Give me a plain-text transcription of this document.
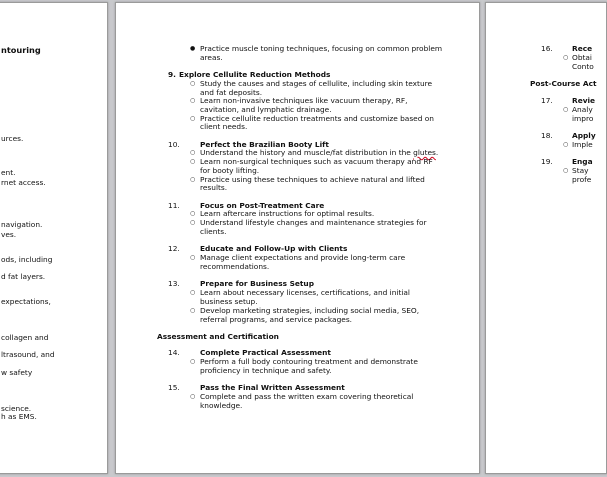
ntouring
urces.
ent.
rnet access.
navigation.
ves.
ods, including
d fat layers.
expectations,
collagen and
ltrasound, and
w safety
science.
h as EMS.
● Practice muscle toning techniques, focusing on common problem
areas.
9. Explore Cellulite Reduction Methods
○ Study the causes and stages of cellulite, including skin texture
and fat deposits.
○ Learn non-invasive techniques like vacuum therapy, RF,
cavitation, and lymphatic drainage.
○ Practice cellulite reduction treatments and customize based on
client needs.
10.	Perfect the Brazilian Booty Lift
○ Understand the history and muscle/fat distribution in the glutes.
○ Learn non-surgical techniques such as vacuum therapy and RF
for booty lifting.
○ Practice using these techniques to achieve natural and lifted
results.
11.	Focus on Post-Treatment Care
○ Learn aftercare instructions for optimal results.
○ Understand lifestyle changes and maintenance strategies for
clients.
12.	Educate and Follow-Up with Clients
○ Manage client expectations and provide long-term care
recommendations.
13.	Prepare for Business Setup
○ Learn about necessary licenses, certifications, and initial
business setup.
○ Develop marketing strategies, including social media, SEO,
referral programs, and service packages.
Assessment and Certification
14.	Complete Practical Assessment
○ Perform a full body contouring treatment and demonstrate
proficiency in technique and safety.
15.	Pass the Final Written Assessment
○ Complete and pass the written exam covering theoretical
knowledge.
16.	Rece
○ Obtai
Conto
Post-Course Act
17.	Revie
○ Analy
impro
18.	Apply
○ Imple
19.	Enga
○ Stay
profe
